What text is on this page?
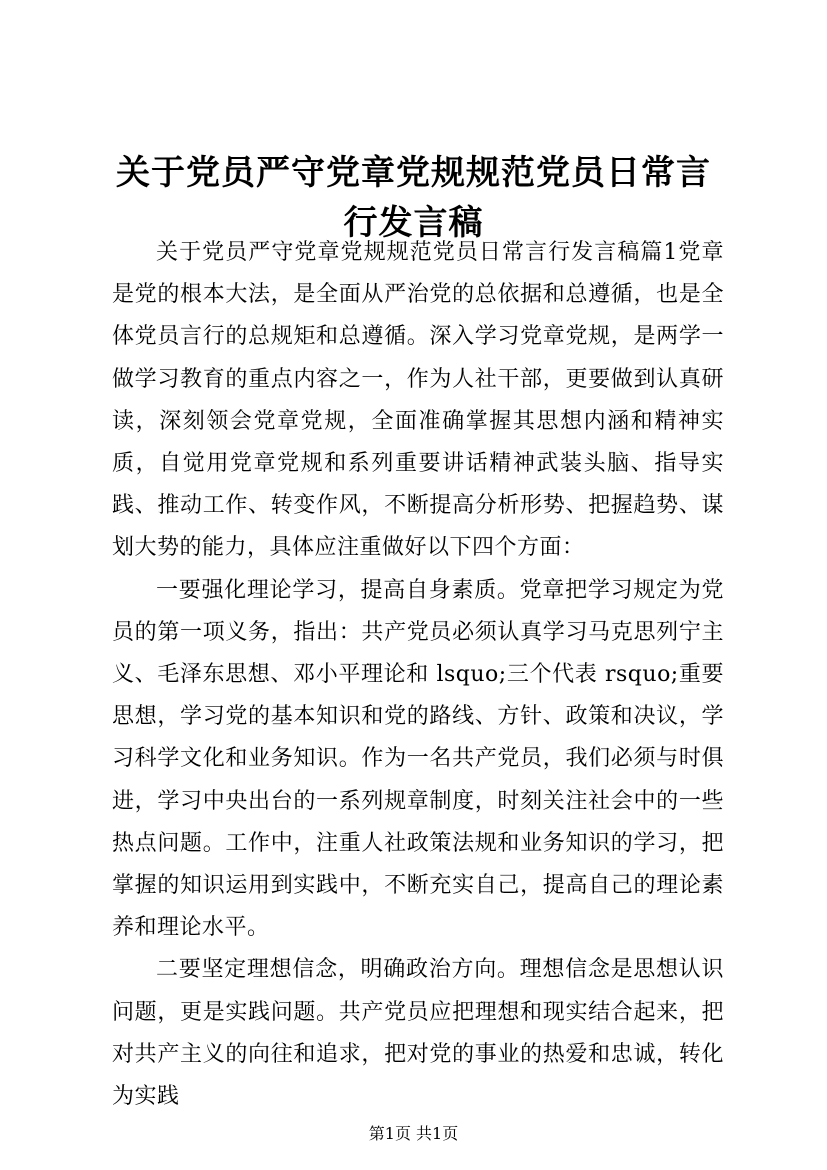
关于党员严守党章党规规范党员日常言行发言稿

关于党员严守党章党规规范党员日常言行发言稿篇1党章是党的根本大法，是全面从严治党的总依据和总遵循，也是全体党员言行的总规矩和总遵循。深入学习党章党规，是两学一做学习教育的重点内容之一，作为人社干部，更要做到认真研读，深刻领会党章党规，全面准确掌握其思想内涵和精神实质，自觉用党章党规和系列重要讲话精神武装头脑、指导实践、推动工作、转变作风，不断提高分析形势、把握趋势、谋划大势的能力，具体应注重做好以下四个方面：

一要强化理论学习，提高自身素质。党章把学习规定为党员的第一项义务，指出：共产党员必须认真学习马克思列宁主义、毛泽东思想、邓小平理论和 lsquo;三个代表 rsquo;重要思想，学习党的基本知识和党的路线、方针、政策和决议，学习科学文化和业务知识。作为一名共产党员，我们必须与时俱进，学习中央出台的一系列规章制度，时刻关注社会中的一些热点问题。工作中，注重人社政策法规和业务知识的学习，把掌握的知识运用到实践中，不断充实自己，提高自己的理论素养和理论水平。

二要坚定理想信念，明确政治方向。理想信念是思想认识问题，更是实践问题。共产党员应把理想和现实结合起来，把对共产主义的向往和追求，把对党的事业的热爱和忠诚，转化为实践

第1页 共1页
